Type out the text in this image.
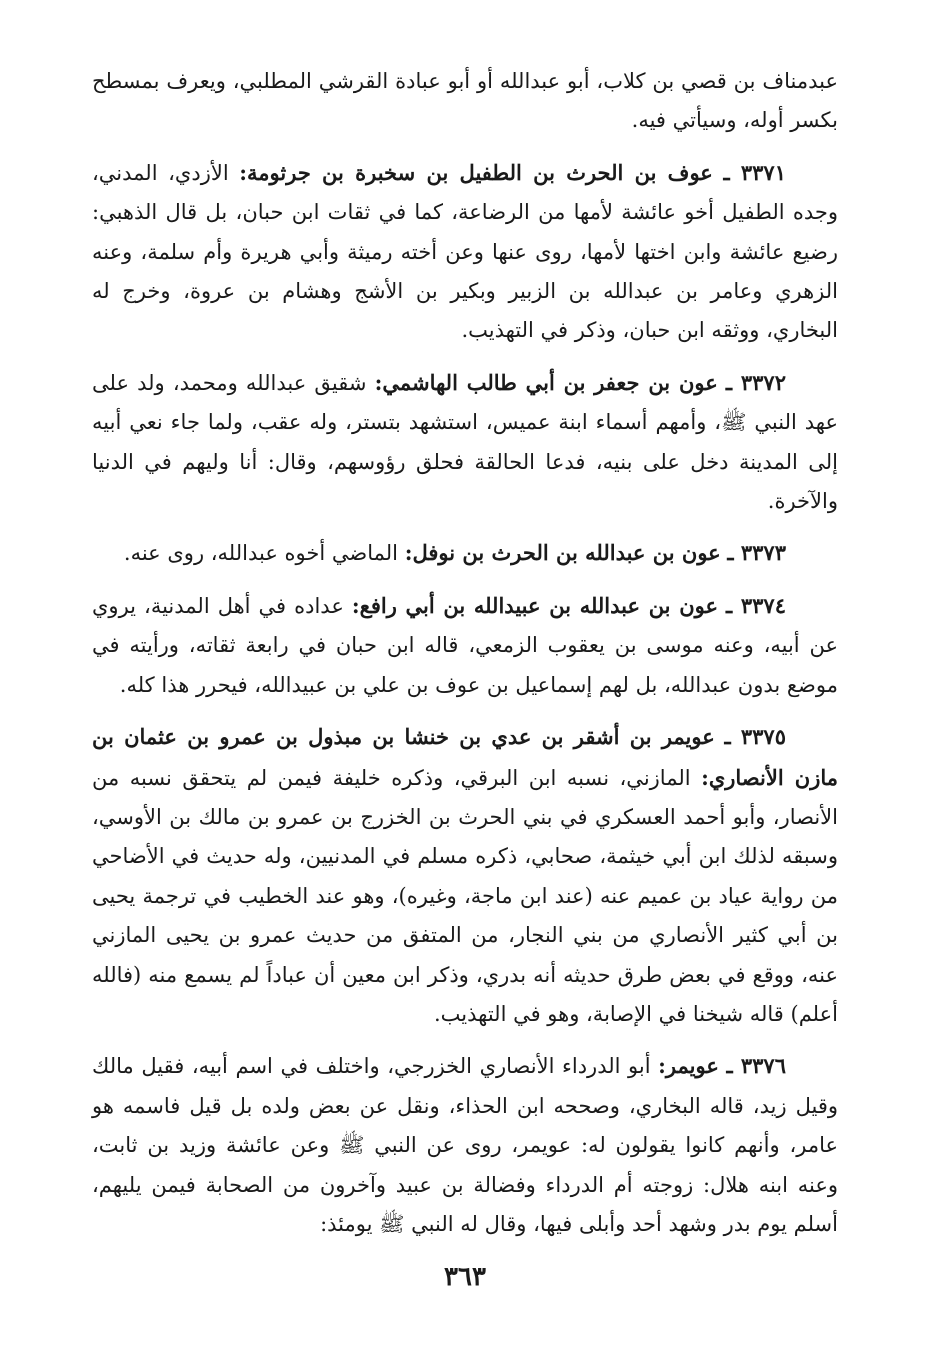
عبدمناف بن قصي بن كلاب، أبو عبدالله أو أبو عبادة القرشي المطلبي، ويعرف بمسطح بكسر أوله، وسيأتي فيه.

٣٣٧١ ـ عوف بن الحرث بن الطفيل بن سخبرة بن جرثومة: الأزدي، المدني، وجده الطفيل أخو عائشة لأمها من الرضاعة، كما في ثقات ابن حبان، بل قال الذهبي: رضيع عائشة وابن اختها لأمها، روى عنها وعن أخته رميثة وأبي هريرة وأم سلمة، وعنه الزهري وعامر بن عبدالله بن الزبير وبكير بن الأشج وهشام بن عروة، وخرج له البخاري، ووثقه ابن حبان، وذكر في التهذيب.

٣٣٧٢ ـ عون بن جعفر بن أبي طالب الهاشمي: شقيق عبدالله ومحمد، ولد على عهد النبي ﷺ، وأمهم أسماء ابنة عميس، استشهد بتستر، وله عقب، ولما جاء نعي أبيه إلى المدينة دخل على بنيه، فدعا الحالقة فحلق رؤوسهم، وقال: أنا وليهم في الدنيا والآخرة.

٣٣٧٣ ـ عون بن عبدالله بن الحرث بن نوفل: الماضي أخوه عبدالله، روى عنه.

٣٣٧٤ ـ عون بن عبدالله بن عبيدالله بن أبي رافع: عداده في أهل المدنية، يروي عن أبيه، وعنه موسى بن يعقوب الزمعي، قاله ابن حبان في رابعة ثقاته، ورأيته في موضع بدون عبدالله، بل لهم إسماعيل بن عوف بن علي بن عبيدالله، فيحرر هذا كله.

٣٣٧٥ ـ عويمر بن أشقر بن عدي بن خنشا بن مبذول بن عمرو بن عثمان بن مازن الأنصاري: المازني، نسبه ابن البرقي، وذكره خليفة فيمن لم يتحقق نسبه من الأنصار، وأبو أحمد العسكري في بني الحرث بن الخزرج بن عمرو بن مالك بن الأوسي، وسبقه لذلك ابن أبي خيثمة، صحابي، ذكره مسلم في المدنيين، وله حديث في الأضاحي من رواية عياد بن عميم عنه (عند ابن ماجة، وغيره)، وهو عند الخطيب في ترجمة يحيى بن أبي كثير الأنصاري من بني النجار، من المتفق من حديث عمرو بن يحيى المازني عنه، ووقع في بعض طرق حديثه أنه بدري، وذكر ابن معين أن عباداً لم يسمع منه (فالله أعلم) قاله شيخنا في الإصابة، وهو في التهذيب.

٣٣٧٦ ـ عويمر: أبو الدرداء الأنصاري الخزرجي، واختلف في اسم أبيه، فقيل مالك وقيل زيد، قاله البخاري، وصححه ابن الحذاء، ونقل عن بعض ولده بل قيل فاسمه هو عامر، وأنهم كانوا يقولون له: عويمر، روى عن النبي ﷺ وعن عائشة وزيد بن ثابت، وعنه ابنه هلال: زوجته أم الدرداء وفضالة بن عبيد وآخرون من الصحابة فيمن يليهم، أسلم يوم بدر وشهد أحد وأبلى فيها، وقال له النبي ﷺ يومئذ:

٣٦٣
